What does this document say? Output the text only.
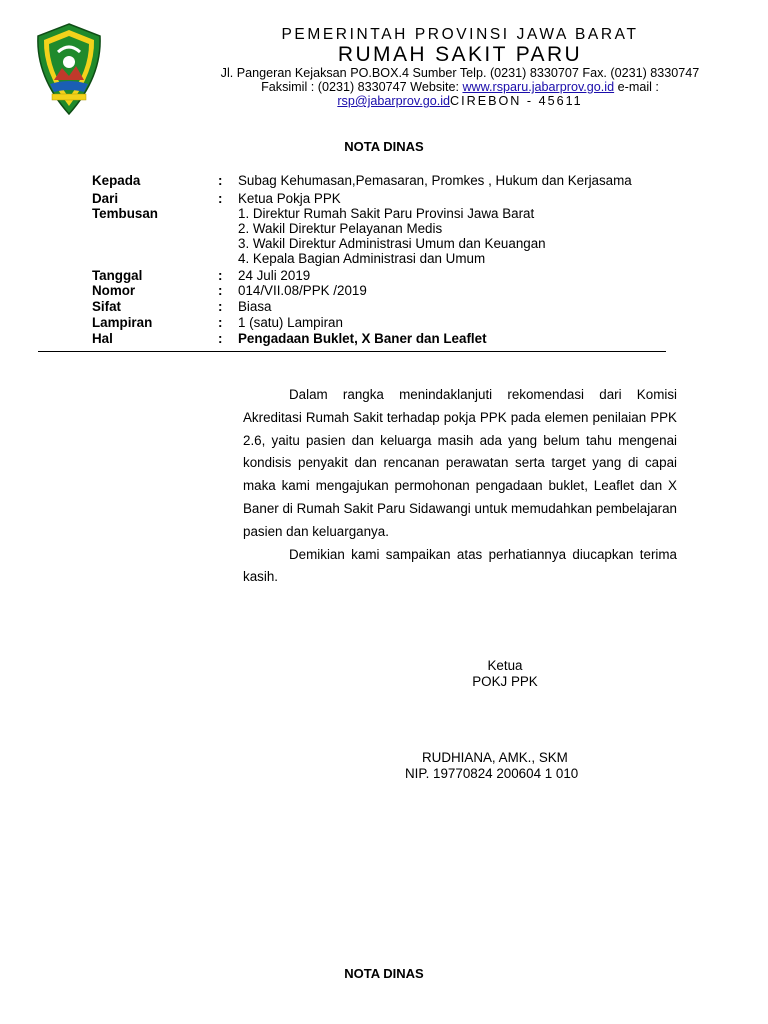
PEMERINTAH PROVINSI JAWA BARAT
RUMAH SAKIT PARU
Jl. Pangeran Kejaksan PO.BOX.4 Sumber Telp. (0231) 8330707 Fax. (0231) 8330747
Faksimil : (0231) 8330747 Website: www.rsparu.jabarprov.go.id e-mail :
rsp@jabarprov.go.idCIREBON - 45611
NOTA DINAS
Kepada	: Subag Kehumasan,Pemasaran, Promkes , Hukum dan Kerjasama
Dari	: Ketua Pokja PPK
Tembusan	1. Direktur Rumah Sakit Paru Provinsi Jawa Barat
2. Wakil Direktur Pelayanan Medis
3. Wakil Direktur Administrasi Umum dan Keuangan
4. Kepala Bagian Administrasi dan Umum
Tanggal	: 24 Juli 2019
Nomor	: 014/VII.08/PPK /2019
Sifat	: Biasa
Lampiran	: 1 (satu) Lampiran
Hal	: Pengadaan Buklet, X Baner dan Leaflet

Dalam rangka menindaklanjuti rekomendasi dari Komisi Akreditasi Rumah Sakit terhadap pokja PPK pada elemen penilaian PPK 2.6, yaitu pasien dan keluarga masih ada yang belum tahu mengenai kondisis penyakit dan rencanan perawatan serta target yang di capai maka kami mengajukan permohonan pengadaan buklet, Leaflet dan X Baner di Rumah Sakit Paru Sidawangi untuk memudahkan pembelajaran pasien dan keluarganya.

Demikian kami sampaikan atas perhatiannya diucapkan terima kasih.

Ketua
POKJ PPK
RUDHIANA, AMK., SKM
NIP. 19770824 200604 1 010
NOTA DINAS
